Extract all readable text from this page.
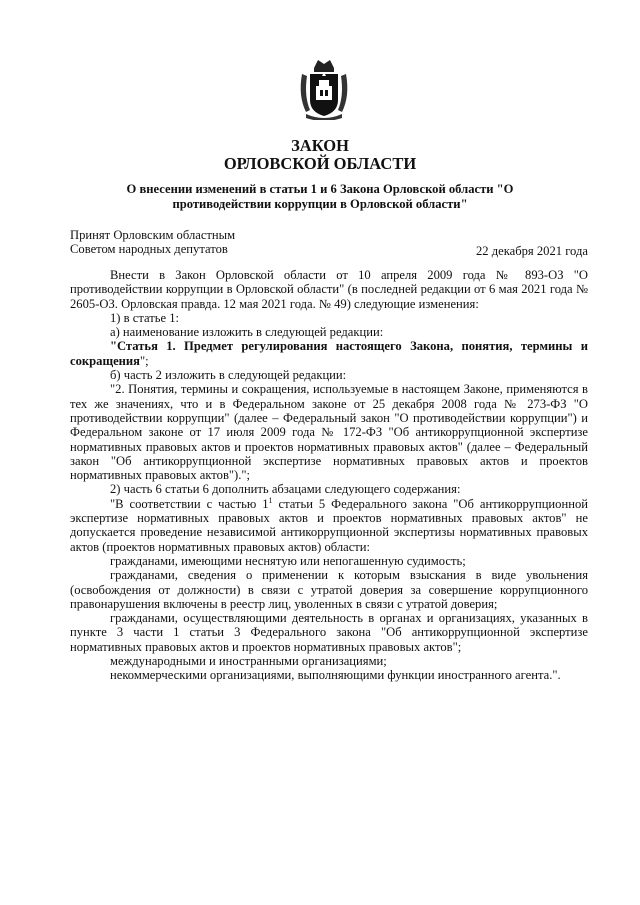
ЗАКОН
ОРЛОВСКОЙ ОБЛАСТИ
О внесении изменений в статьи 1 и 6 Закона Орловской области "О противодействии коррупции в Орловской области"
Принят Орловским областным
Советом народных депутатов	22 декабря 2021 года

Внести в Закон Орловской области от 10 апреля 2009 года № 893-ОЗ "О противодействии коррупции в Орловской области" (в последней редакции от 6 мая 2021 года № 2605-ОЗ. Орловская правда. 12 мая 2021 года. № 49) следующие изменения:

1) в статье 1:

а) наименование изложить в следующей редакции:

"Статья 1. Предмет регулирования настоящего Закона, понятия, термины и сокращения";

б) часть 2 изложить в следующей редакции:

"2. Понятия, термины и сокращения, используемые в настоящем Законе, применяются в тех же значениях, что и в Федеральном законе от 25 декабря 2008 года № 273-ФЗ "О противодействии коррупции" (далее – Федеральный закон "О противодействии коррупции") и Федеральном законе от 17 июля 2009 года № 172-ФЗ "Об антикоррупционной экспертизе нормативных правовых актов и проектов нормативных правовых актов" (далее – Федеральный закон "Об антикоррупционной экспертизе нормативных правовых актов и проектов нормативных правовых актов").";

2) часть 6 статьи 6 дополнить абзацами следующего содержания:

"В соответствии с частью $1^1$ статьи 5 Федерального закона "Об антикоррупционной экспертизе нормативных правовых актов и проектов нормативных правовых актов" не допускается проведение независимой антикоррупционной экспертизы нормативных правовых актов (проектов нормативных правовых актов) области:

гражданами, имеющими неснятую или непогашенную судимость;

гражданами, сведения о применении к которым взыскания в виде увольнения (освобождения от должности) в связи с утратой доверия за совершение коррупционного правонарушения включены в реестр лиц, уволенных в связи с утратой доверия;

гражданами, осуществляющими деятельность в органах и организациях, указанных в пункте 3 части 1 статьи 3 Федерального закона "Об антикоррупционной экспертизе нормативных правовых актов и проектов нормативных правовых актов";

международными и иностранными организациями;

некоммерческими организациями, выполняющими функции иностранного агента.".
